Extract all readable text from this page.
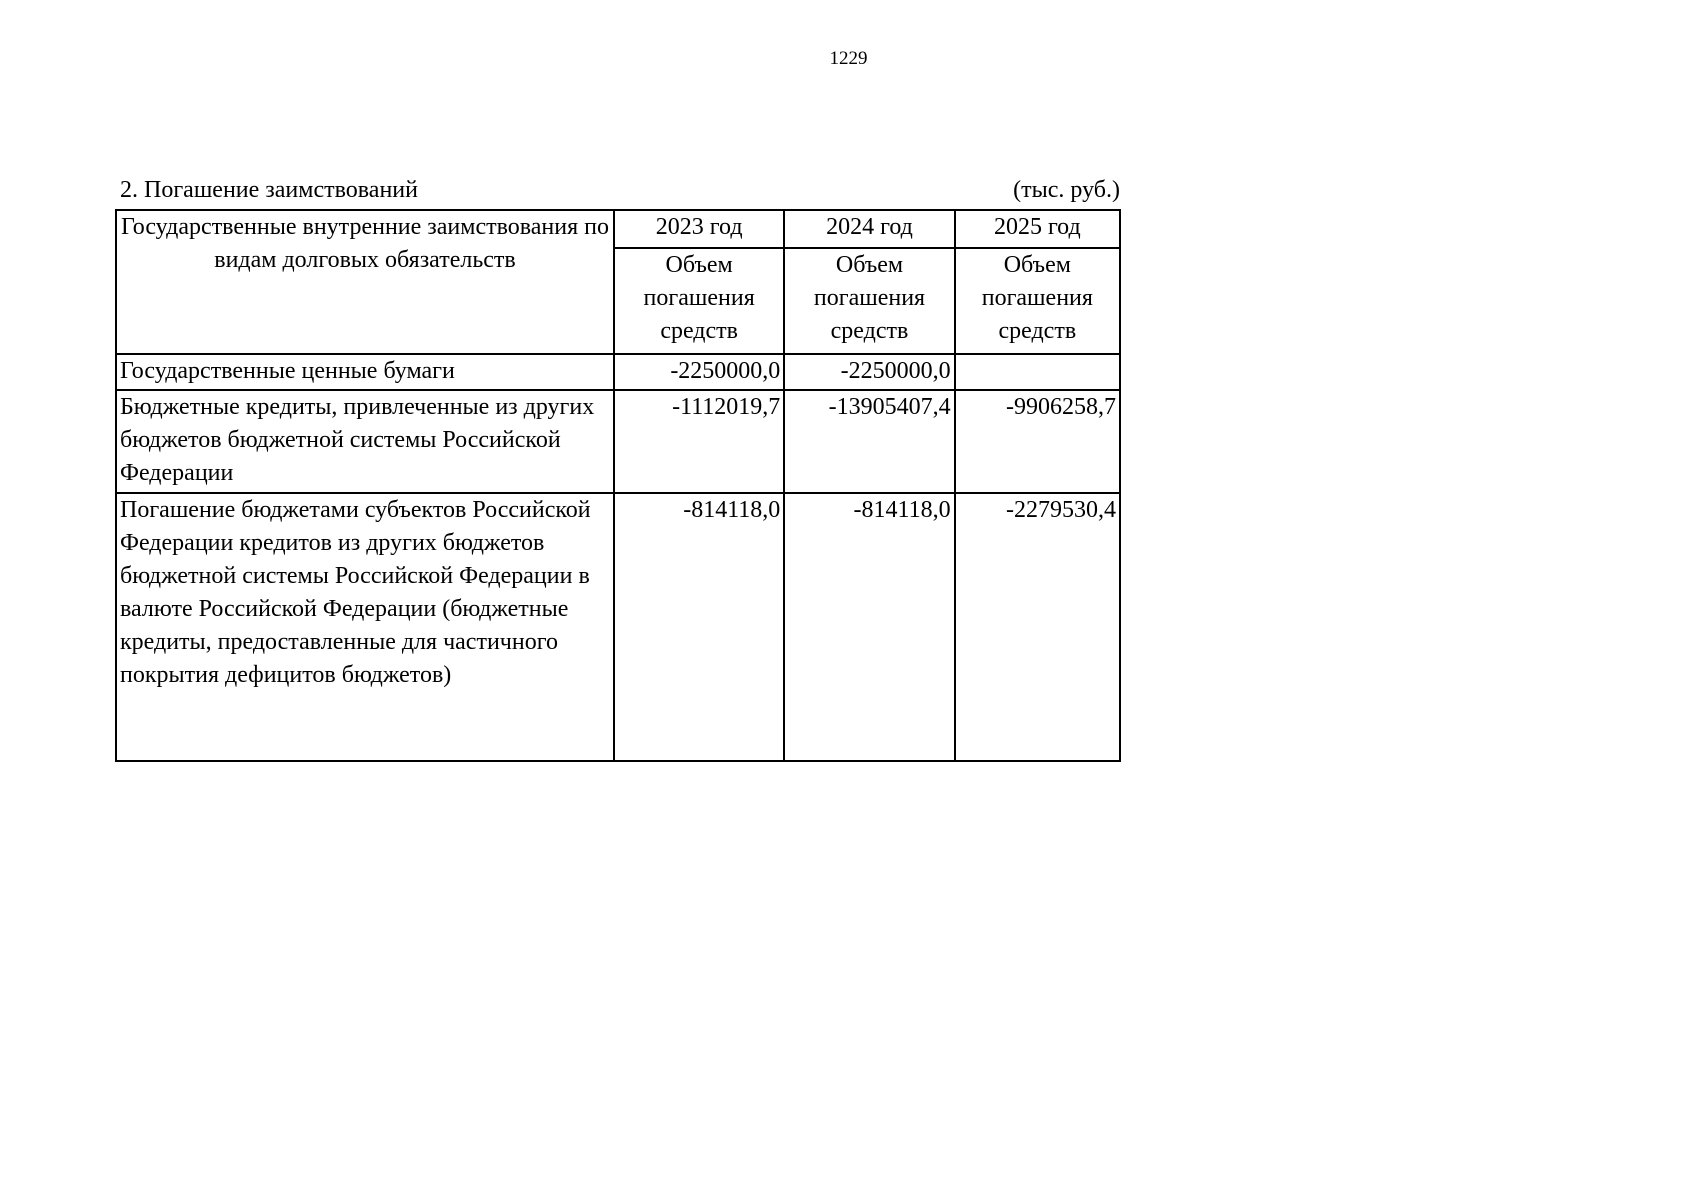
1229
2. Погашение заимствований	(тыс. руб.)
Государственные внутренние заимствования по видам долговых обязательств	2023 год	2024 год	2025 год
	Объем погашения средств	Объем погашения средств	Объем погашения средств
Государственные ценные бумаги	-2250000,0	-2250000,0	
Бюджетные кредиты, привлеченные из других бюджетов бюджетной системы Российской Федерации	-1112019,7	-13905407,4	-9906258,7
Погашение бюджетами субъектов Российской Федерации кредитов из других бюджетов бюджетной системы Российской Федерации в валюте Российской Федерации (бюджетные кредиты, предоставленные для частичного покрытия дефицитов бюджетов)	-814118,0	-814118,0	-2279530,4
